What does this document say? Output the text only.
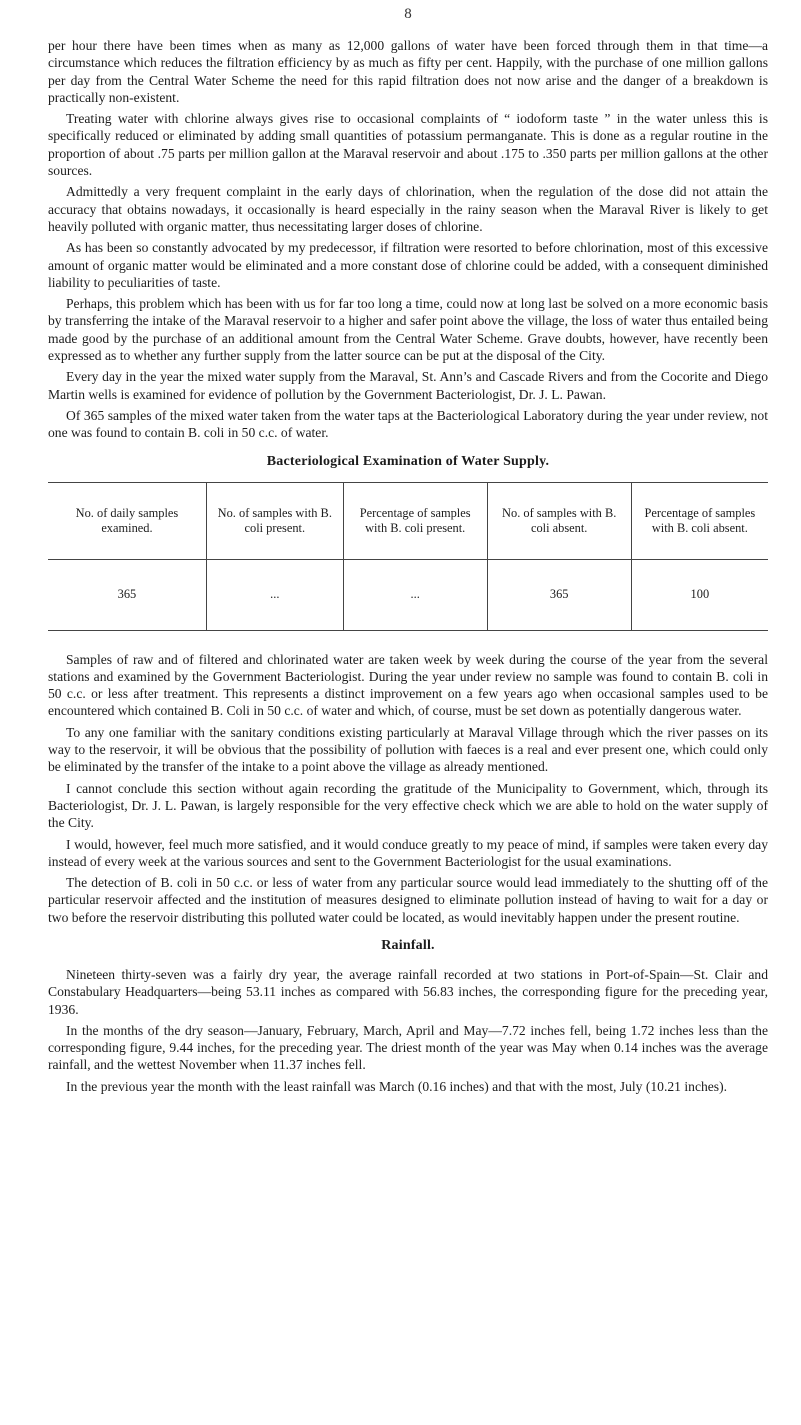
8

per hour there have been times when as many as 12,000 gallons of water have been forced through them in that time—a circumstance which reduces the filtration efficiency by as much as fifty per cent. Happily, with the purchase of one million gallons per day from the Central Water Scheme the need for this rapid filtration does not now arise and the danger of a breakdown is practically non-existent.

Treating water with chlorine always gives rise to occasional complaints of “ iodoform taste ” in the water unless this is specifically reduced or eliminated by adding small quantities of potassium permanganate. This is done as a regular routine in the proportion of about .75 parts per million gallon at the Maraval reservoir and about .175 to .350 parts per million gallons at the other sources.

Admittedly a very frequent complaint in the early days of chlorination, when the regulation of the dose did not attain the accuracy that obtains nowadays, it occasionally is heard especially in the rainy season when the Maraval River is likely to get heavily polluted with organic matter, thus necessitating larger doses of chlorine.

As has been so constantly advocated by my predecessor, if filtration were resorted to before chlorination, most of this excessive amount of organic matter would be eliminated and a more constant dose of chlorine could be added, with a consequent diminished liability to peculiarities of taste.

Perhaps, this problem which has been with us for far too long a time, could now at long last be solved on a more economic basis by transferring the intake of the Maraval reservoir to a higher and safer point above the village, the loss of water thus entailed being made good by the purchase of an additional amount from the Central Water Scheme. Grave doubts, however, have recently been expressed as to whether any further supply from the latter source can be put at the disposal of the City.

Every day in the year the mixed water supply from the Maraval, St. Ann’s and Cascade Rivers and from the Cocorite and Diego Martin wells is examined for evidence of pollution by the Government Bacteriologist, Dr. J. L. Pawan.

Of 365 samples of the mixed water taken from the water taps at the Bacteriological Laboratory during the year under review, not one was found to contain B. coli in 50 c.c. of water.

Bacteriological Examination of Water Supply.
No. of daily samples examined.	No. of samples with B. coli present.	Percentage of samples with B. coli present.	No. of samples with B. coli absent.	Percentage of samples with B. coli absent.
365	...	...	365	100

Samples of raw and of filtered and chlorinated water are taken week by week during the course of the year from the several stations and examined by the Government Bacteriologist. During the year under review no sample was found to contain B. coli in 50 c.c. or less after treatment. This represents a distinct improvement on a few years ago when occasional samples used to be encountered which contained B. Coli in 50 c.c. of water and which, of course, must be set down as potentially dangerous water.

To any one familiar with the sanitary conditions existing particularly at Maraval Village through which the river passes on its way to the reservoir, it will be obvious that the possibility of pollution with faeces is a real and ever present one, which could only be eliminated by the transfer of the intake to a point above the village as already mentioned.

I cannot conclude this section without again recording the gratitude of the Municipality to Government, which, through its Bacteriologist, Dr. J. L. Pawan, is largely responsible for the very effective check which we are able to hold on the water supply of the City.

I would, however, feel much more satisfied, and it would conduce greatly to my peace of mind, if samples were taken every day instead of every week at the various sources and sent to the Government Bacteriologist for the usual examinations.

The detection of B. coli in 50 c.c. or less of water from any particular source would lead immediately to the shutting off of the particular reservoir affected and the institution of measures designed to eliminate pollution instead of having to wait for a day or two before the reservoir distributing this polluted water could be located, as would inevitably happen under the present routine.

Rainfall.

Nineteen thirty-seven was a fairly dry year, the average rainfall recorded at two stations in Port-of-Spain—St. Clair and Constabulary Headquarters—being 53.11 inches as compared with 56.83 inches, the corresponding figure for the preceding year, 1936.

In the months of the dry season—January, February, March, April and May—7.72 inches fell, being 1.72 inches less than the corresponding figure, 9.44 inches, for the preceding year. The driest month of the year was May when 0.14 inches was the average rainfall, and the wettest November when 11.37 inches fell.

In the previous year the month with the least rainfall was March (0.16 inches) and that with the most, July (10.21 inches).
